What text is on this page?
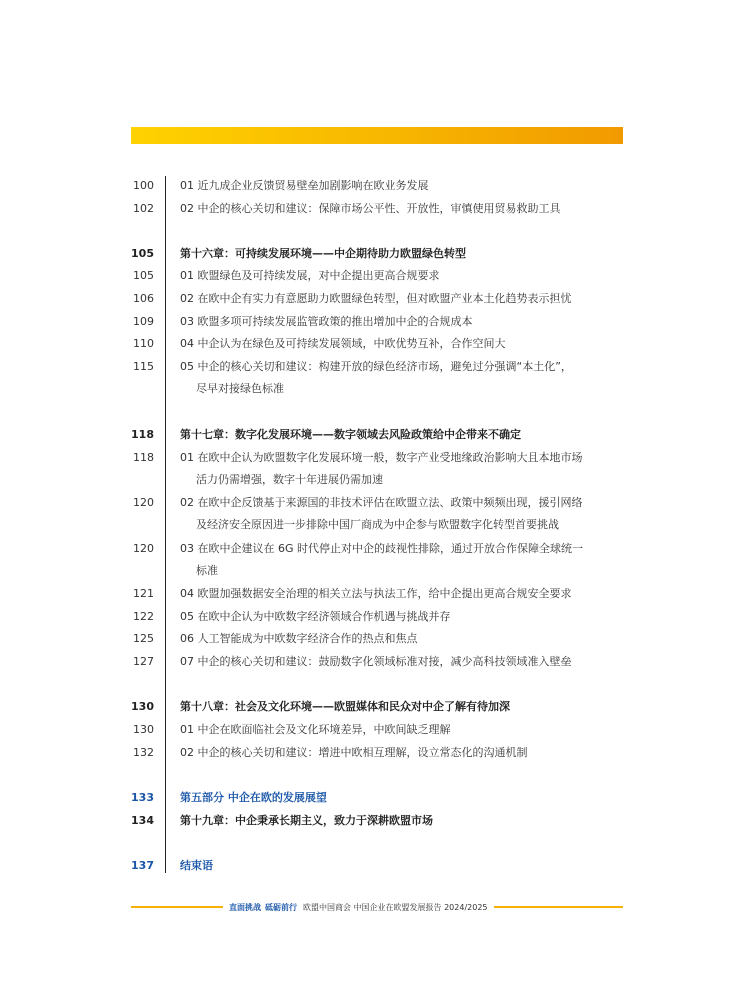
100 01 近九成企业反馈贸易壁垒加剧影响在欧业务发展
102 02 中企的核心关切和建议：保障市场公平性、开放性，审慎使用贸易救助工具
105 第十六章：可持续发展环境——中企期待助力欧盟绿色转型
105 01 欧盟绿色及可持续发展，对中企提出更高合规要求
106 02 在欧中企有实力有意愿助力欧盟绿色转型，但对欧盟产业本土化趋势表示担忧
109 03 欧盟多项可持续发展监管政策的推出增加中企的合规成本
110 04 中企认为在绿色及可持续发展领域，中欧优势互补，合作空间大
115 05 中企的核心关切和建议：构建开放的绿色经济市场，避免过分强调“本土化”，
尽早对接绿色标准
118 第十七章：数字化发展环境——数字领域去风险政策给中企带来不确定
118 01 在欧中企认为欧盟数字化发展环境一般，数字产业受地缘政治影响大且本地市场
活力仍需增强，数字十年进展仍需加速
120 02 在欧中企反馈基于来源国的非技术评估在欧盟立法、政策中频频出现，援引网络
及经济安全原因进一步排除中国厂商成为中企参与欧盟数字化转型首要挑战
120 03 在欧中企建议在 6G 时代停止对中企的歧视性排除，通过开放合作保障全球统一
标准
121 04 欧盟加强数据安全治理的相关立法与执法工作，给中企提出更高合规安全要求
122 05 在欧中企认为中欧数字经济领域合作机遇与挑战并存
125 06 人工智能成为中欧数字经济合作的热点和焦点
127 07 中企的核心关切和建议：鼓励数字化领域标准对接，减少高科技领域准入壁垒
130 第十八章：社会及文化环境——欧盟媒体和民众对中企了解有待加深
130 01 中企在欧面临社会及文化环境差异，中欧间缺乏理解
132 02 中企的核心关切和建议：增进中欧相互理解，设立常态化的沟通机制
133 第五部分 中企在欧的发展展望
134 第十九章：中企秉承长期主义，致力于深耕欧盟市场
137 结束语
直面挑战 砥砺前行 欧盟中国商会 中国企业在欧盟发展报告 2024/2025
